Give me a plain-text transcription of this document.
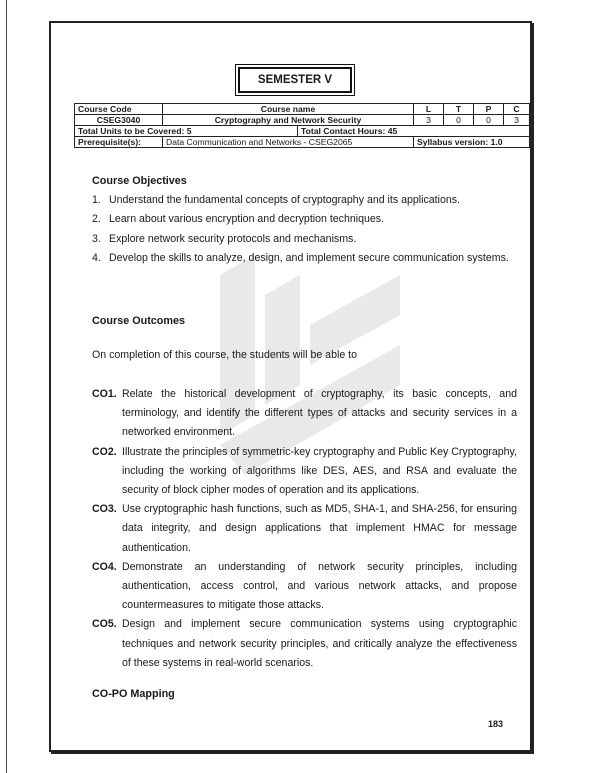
SEMESTER V
Course Code	Course name		L	T	P	C
CSEG3040	Cryptography and Network Security		3	0	0	3
Total Units to be Covered: 5		Total Contact Hours: 45				
Prerequisite(s):	Data Communication and Networks - CSEG2065		Syllabus version: 1.0			
Course Objectives
1. Understand the fundamental concepts of cryptography and its applications.
2. Learn about various encryption and decryption techniques.
3. Explore network security protocols and mechanisms.
4. Develop the skills to analyze, design, and implement secure communication systems.
Course Outcomes
On completion of this course, the students will be able to
CO1. Relate the historical development of cryptography, its basic concepts, and terminology, and identify the different types of attacks and security services in a networked environment.
CO2. Illustrate the principles of symmetric-key cryptography and Public Key Cryptography, including the working of algorithms like DES, AES, and RSA and evaluate the security of block cipher modes of operation and its applications.
CO3. Use cryptographic hash functions, such as MD5, SHA-1, and SHA-256, for ensuring data integrity, and design applications that implement HMAC for message authentication.
CO4. Demonstrate an understanding of network security principles, including authentication, access control, and various network attacks, and propose countermeasures to mitigate those attacks.
CO5. Design and implement secure communication systems using cryptographic techniques and network security principles, and critically analyze the effectiveness of these systems in real-world scenarios.
CO-PO Mapping
183
